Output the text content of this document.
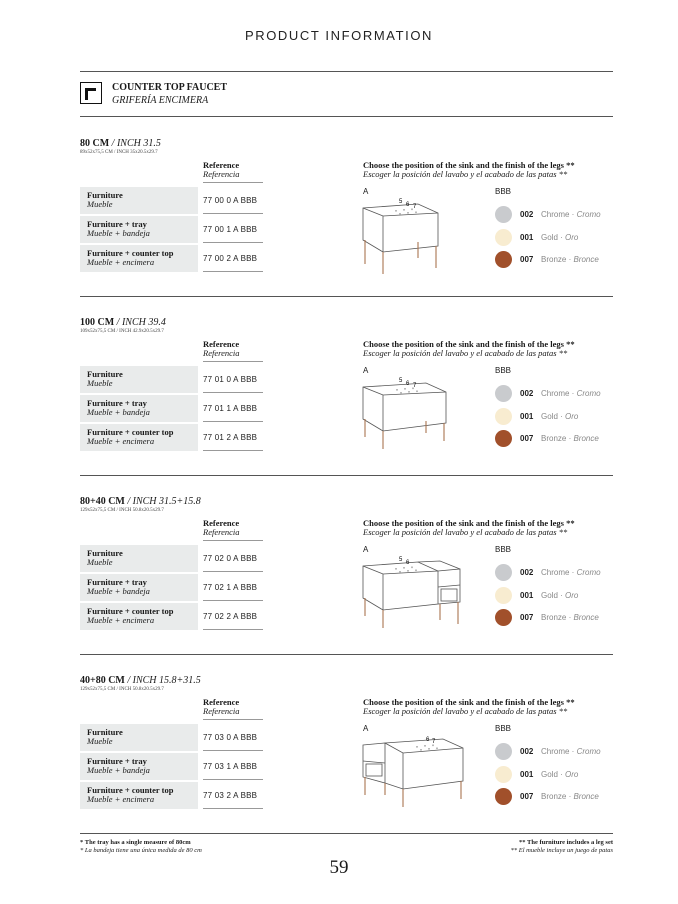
PRODUCT INFORMATION
COUNTER TOP FAUCET
GRIFERÍA ENCIMERA
80 CM / INCH 31.5
89x52x75,5 CM / INCH 35x20.5x29.7
Reference
Referencia
Furniture
Mueble	77 00 0 A BBB
Furniture + tray
Mueble + bandeja	77 00 1 A BBB
Furniture + counter top
Mueble + encimera	77 00 2 A BBB
Choose the position of the sink and the finish of the legs **
Escoger la posición del lavabo y el acabado de las patas **
A	BBB
5 6 7
002 Chrome · Cromo
001 Gold · Oro
007 Bronze · Bronce
100 CM / INCH 39.4
109x52x75,5 CM / INCH 42.9x20.5x29.7
Reference
Referencia
Furniture
Mueble	77 01 0 A BBB
Furniture + tray
Mueble + bandeja	77 01 1 A BBB
Furniture + counter top
Mueble + encimera	77 01 2 A BBB
Choose the position of the sink and the finish of the legs **
Escoger la posición del lavabo y el acabado de las patas **
A	BBB
5 6 7
002 Chrome · Cromo
001 Gold · Oro
007 Bronze · Bronce
80+40 CM / INCH 31.5+15.8
129x52x75,5 CM / INCH 50.8x20.5x29.7
Reference
Referencia
Furniture
Mueble	77 02 0 A BBB
Furniture + tray
Mueble + bandeja	77 02 1 A BBB
Furniture + counter top
Mueble + encimera	77 02 2 A BBB
Choose the position of the sink and the finish of the legs **
Escoger la posición del lavabo y el acabado de las patas **
A	BBB
5 6
002 Chrome · Cromo
001 Gold · Oro
007 Bronze · Bronce
40+80 CM / INCH 15.8+31.5
129x52x75,5 CM / INCH 50.8x20.5x29.7
Reference
Referencia
Furniture
Mueble	77 03 0 A BBB
Furniture + tray
Mueble + bandeja	77 03 1 A BBB
Furniture + counter top
Mueble + encimera	77 03 2 A BBB
Choose the position of the sink and the finish of the legs **
Escoger la posición del lavabo y el acabado de las patas **
A	BBB
6 7
002 Chrome · Cromo
001 Gold · Oro
007 Bronze · Bronce
* The tray has a single measure of 80cm
* La bandeja tiene una única medida de 80 cm
** The furniture includes a leg set
** El mueble incluye un juego de patas
59
